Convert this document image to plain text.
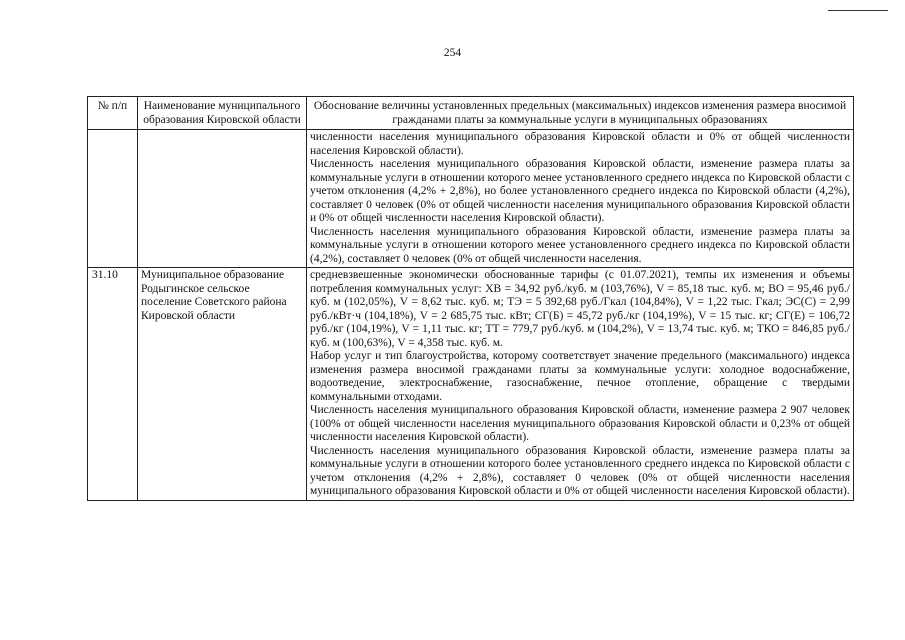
254
№ п/п	Наименование муниципального образования Кировской области	Обоснование величины установленных предельных (максимальных) индексов изменения размера вносимой гражданами платы за коммунальные услуги в муниципальных образованиях

		численности населения муниципального образования Кировской области и 0% от общей численности населения Кировской области).

Численность населения муниципального образования Кировской области, изменение размера платы за коммунальные услуги в отношении которого менее установленного среднего индекса по Кировской области с учетом отклонения (4,2% + 2,8%), но более установленного среднего индекса по Кировской области (4,2%), составляет 0 человек (0% от общей численности населения муниципального образования Кировской области и 0% от общей численности населения Кировской области).

Численность населения муниципального образования Кировской области, изменение размера платы за коммунальные услуги в отношении которого менее установленного среднего индекса по Кировской области (4,2%), составляет 0 человек (0% от общей численности населения.

31.10	Муниципальное образование Родыгинское сельское поселение Советского района Кировской области	средневзвешенные экономически обоснованные тарифы (с 01.07.2021), темпы их изменения и объемы потребления коммунальных услуг: ХВ = 34,92 руб./куб. м (103,76%), V = 85,18 тыс. куб. м; ВО = 95,46 руб./куб. м (102,05%), V = 8,62 тыс. куб. м; ТЭ = 5 392,68 руб./Гкал (104,84%), V = 1,22 тыс. Гкал; ЭС(С) = 2,99 руб./кВт·ч (104,18%), V = 2 685,75 тыс. кВт; СГ(Б) = 45,72 руб./кг (104,19%), V = 15 тыс. кг; СГ(Е) = 106,72 руб./кг (104,19%), V = 1,11 тыс. кг; ТТ = 779,7 руб./куб. м (104,2%), V = 13,74 тыс. куб. м; ТКО = 846,85 руб./куб. м (100,63%), V = 4,358 тыс. куб. м.

Набор услуг и тип благоустройства, которому соответствует значение предельного (максимального) индекса изменения размера вносимой гражданами платы за коммунальные услуги: холодное водоснабжение, водоотведение, электроснабжение, газоснабжение, печное отопление, обращение с твердыми коммунальными отходами.

Численность населения муниципального образования Кировской области, изменение размера 2 907 человек (100% от общей численности населения муниципального образования Кировской области и 0,23% от общей численности населения Кировской области).

Численность населения муниципального образования Кировской области, изменение размера платы за коммунальные услуги в отношении которого более установленного среднего индекса по Кировской области с учетом отклонения (4,2% + 2,8%), составляет 0 человек (0% от общей численности населения муниципального образования Кировской области и 0% от общей численности населения Кировской области).
